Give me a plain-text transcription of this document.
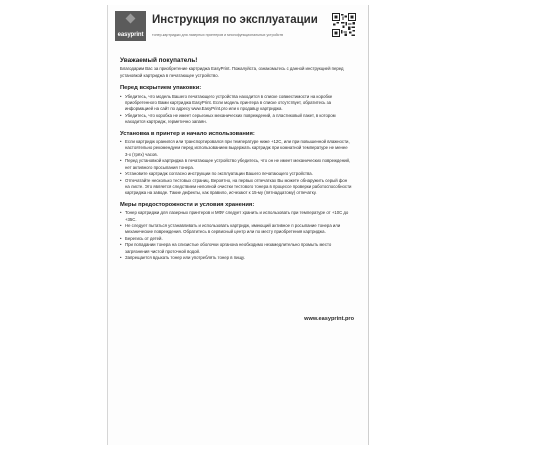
easyprint
Инструкция по эксплуатации
тонер-картриджи для лазерных принтеров и многофункциональных устройств
Уважаемый покупатель!
Благодарим Вас за приобретение картриджа EasyPrint. Пожалуйста, ознакомьтесь с данной инструкцией перед установкой картриджа в печатающее устройство.
Перед вскрытием упаковки:
• Убедитесь, что модель Вашего печатающего устройства находится в списке совместимости на коробке приобретенного Вами картриджа EasyPrint. Если модель принтера в списке отсутствует, обратитесь за информацией на сайт по адресу www.EasyPrint.pro или к продавцу картриджа.
• Убедитесь, что коробка не имеет серьезных механических повреждений, а пластиковый пакет, в котором находится картридж, герметично запаян.
Установка в принтер и начало использования:
• Если картридж хранился или транспортировался при температуре ниже +12С, или при повышенной влажности, настоятельно рекомендуем перед использованием выдержать картридж при комнатной температуре не менее 3-х (трёх) часов.
• Перед установкой картриджа в печатающее устройство убедитесь, что он не имеет механических повреждений, нет активного просыпания тонера.
• Установите картридж согласно инструкции по эксплуатации Вашего печатающего устройства.
• Отпечатайте несколько тестовых страниц. Вероятно, на первых отпечатках Вы можете обнаружить серый фон на листе. Это является следствием неполной очистки тестового тонера в процессе проверки работоспособности картриджа на заводе. Такие дефекты, как правило, исчезают к 15-му (пятнадцатому) отпечатку.
Меры предосторожности и условия хранения:
• Тонер картриджи для лазерных принтеров и МФУ следует хранить и использовать при температуре от +10С до +35С.
• Не следует пытаться устанавливать и использовать картридж, имеющий активное п росыпание тонера или механические повреждения. Обратитесь в сервисный центр или по месту приобретения картриджа.
• Берегись от детей.
• При попадании тонера на слизистые оболочки органона необходимо незамедлительно промыть место загрязнения чистой проточной водой.
• Запрещается вдыхать тонер или употреблять тонер в пищу.
www.easyprint.pro
